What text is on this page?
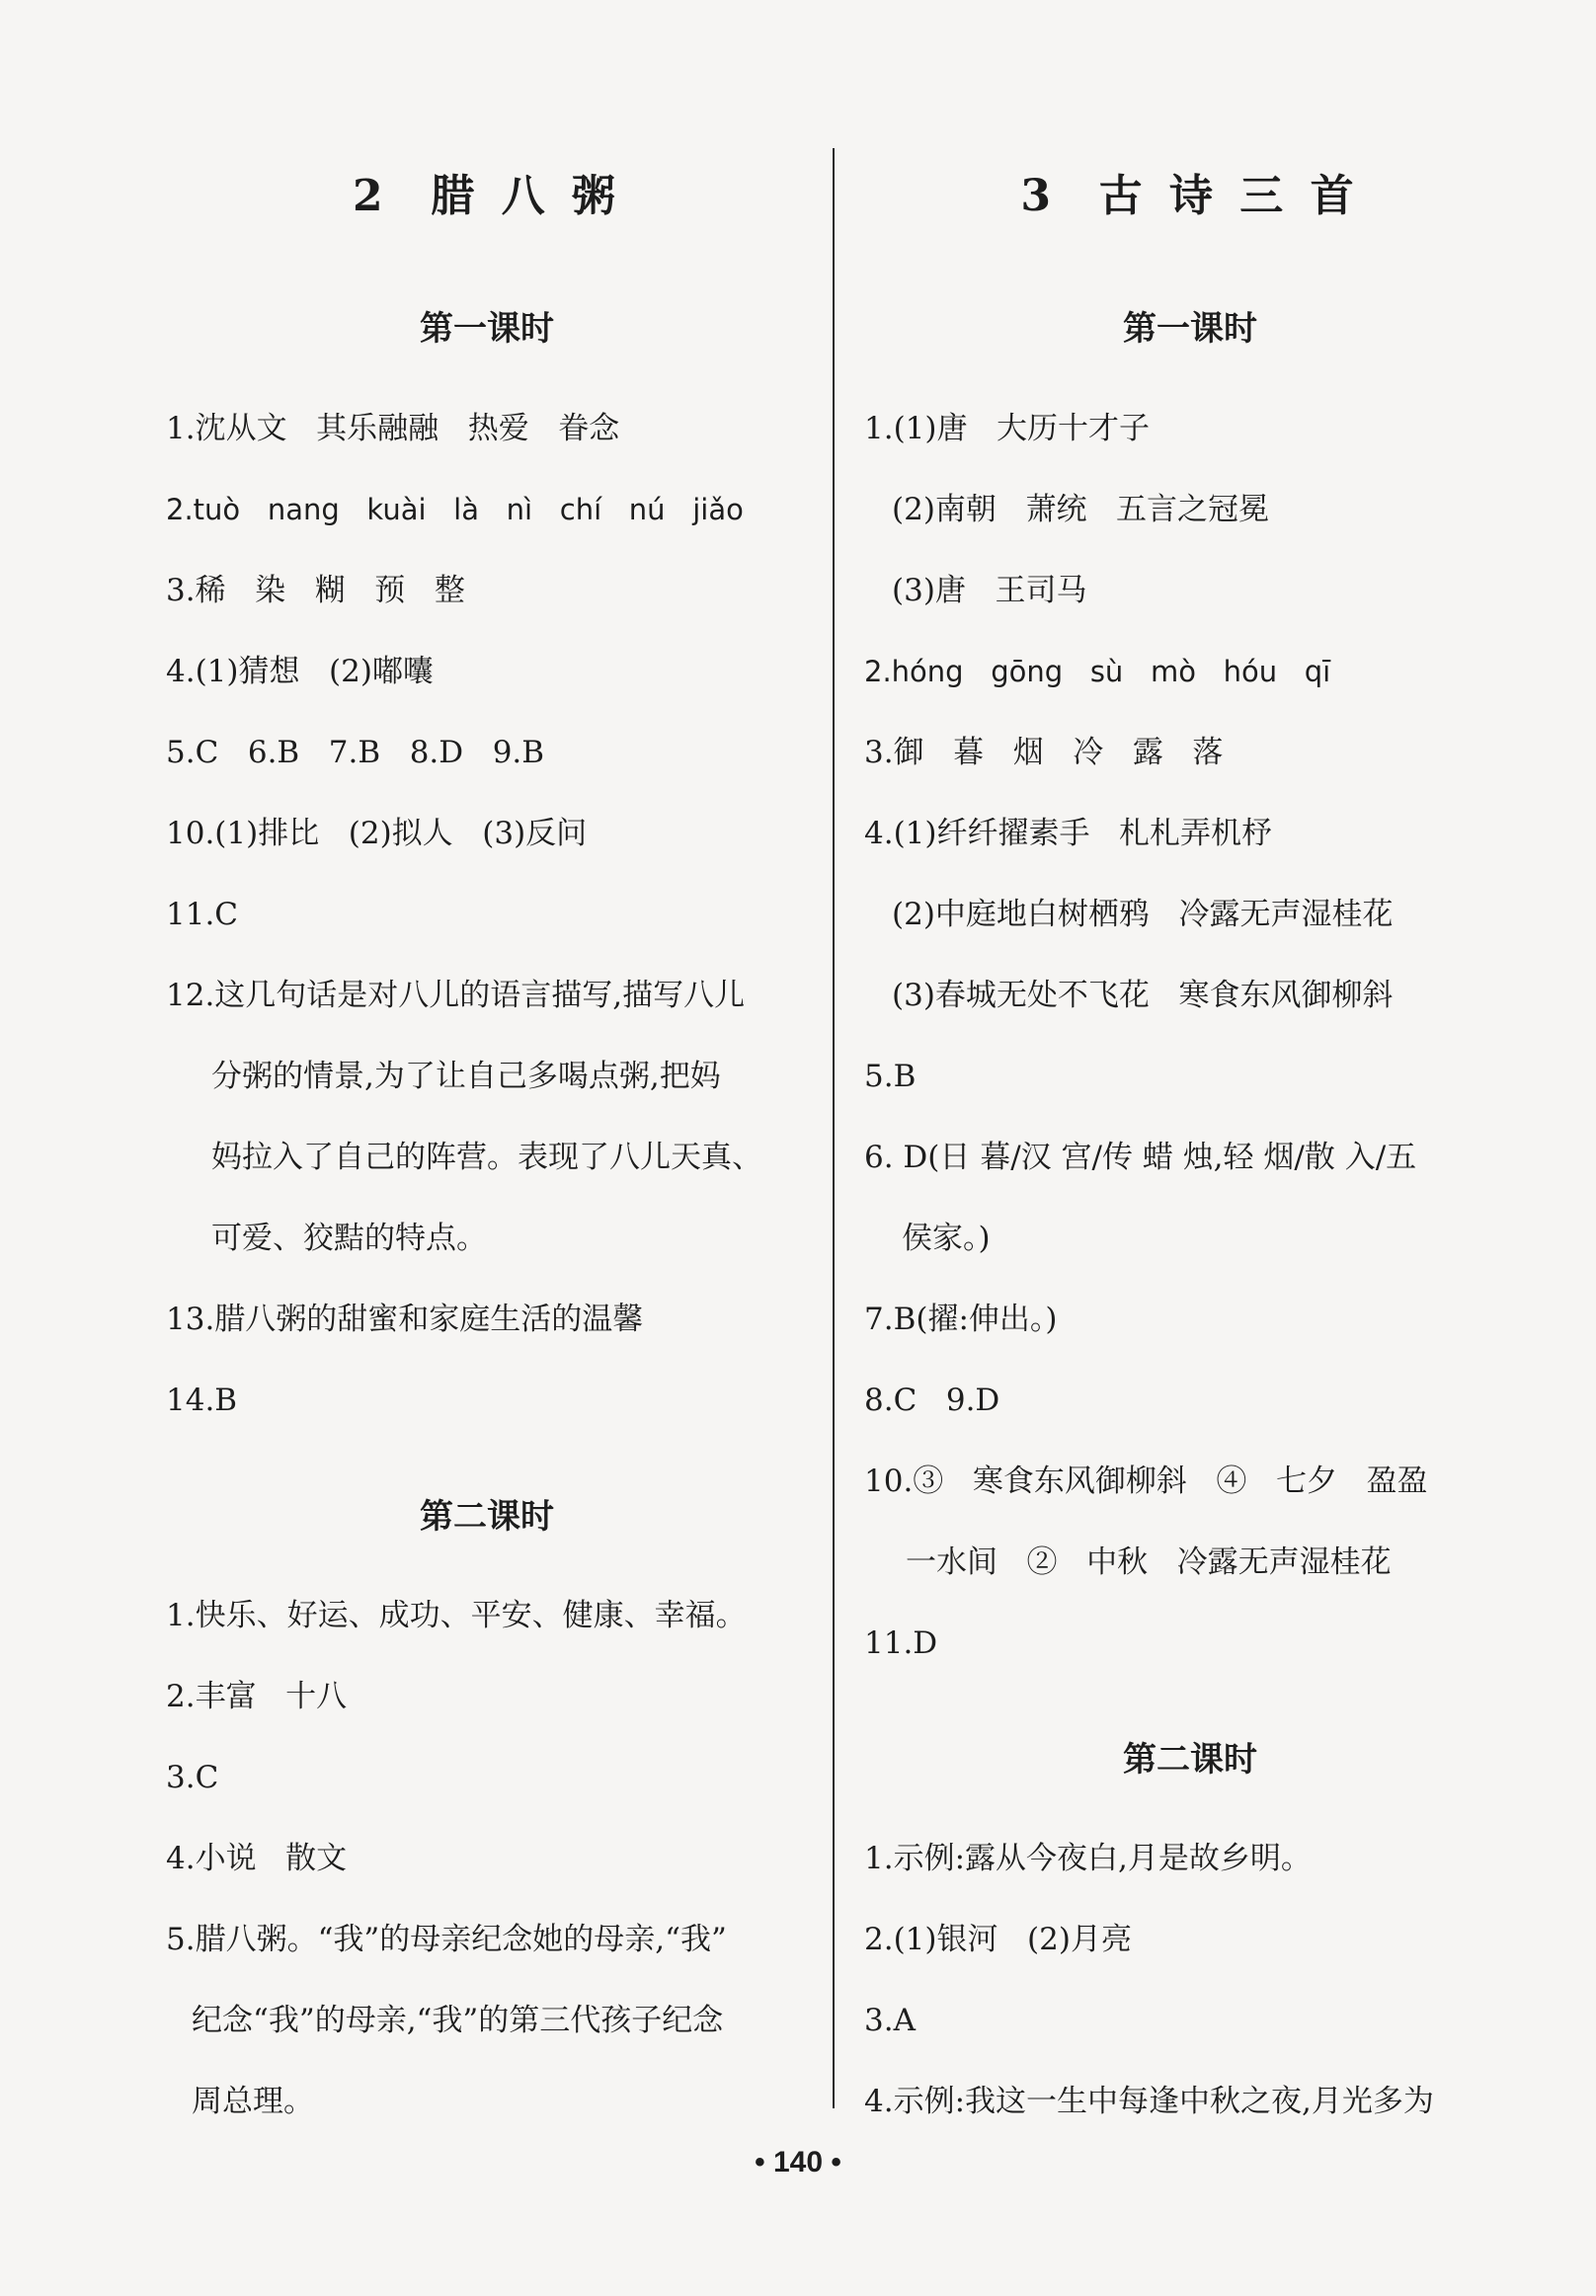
2  腊 八 粥
第一课时
1.沈从文   其乐融融   热爱   眷念
2.tuò   nang   kuài   là   nì   chí   nú   jiǎo
3.稀   染   糊   预   整
4.(1)猜想   (2)嘟囔
5.C   6.B   7.B   8.D   9.B
10.(1)排比   (2)拟人   (3)反问
11.C
12.这几句话是对八儿的语言描写,描写八儿
分粥的情景,为了让自己多喝点粥,把妈
妈拉入了自己的阵营。表现了八儿天真、
可爱、狡黠的特点。
13.腊八粥的甜蜜和家庭生活的温馨
14.B
第二课时
1.快乐、好运、成功、平安、健康、幸福。
2.丰富   十八
3.C
4.小说   散文
5.腊八粥。“我”的母亲纪念她的母亲,“我”
纪念“我”的母亲,“我”的第三代孩子纪念
周总理。
3  古 诗 三 首
第一课时
1.(1)唐   大历十才子
(2)南朝   萧统   五言之冠冕
(3)唐   王司马
2.hóng   gōng   sù   mò   hóu   qī
3.御   暮   烟   冷   露   落
4.(1)纤纤擢素手   札札弄机杼
(2)中庭地白树栖鸦   冷露无声湿桂花
(3)春城无处不飞花   寒食东风御柳斜
5.B
6. D(日 暮/汉 宫/传 蜡 烛,轻 烟/散 入/五
侯家。)
7.B(擢:伸出。)
8.C   9.D
10.③   寒食东风御柳斜   ④   七夕   盈盈
一水间   ②   中秋   冷露无声湿桂花
11.D
第二课时
1.示例:露从今夜白,月是故乡明。
2.(1)银河   (2)月亮
3.A
4.示例:我这一生中每逢中秋之夜,月光多为
• 140 •
